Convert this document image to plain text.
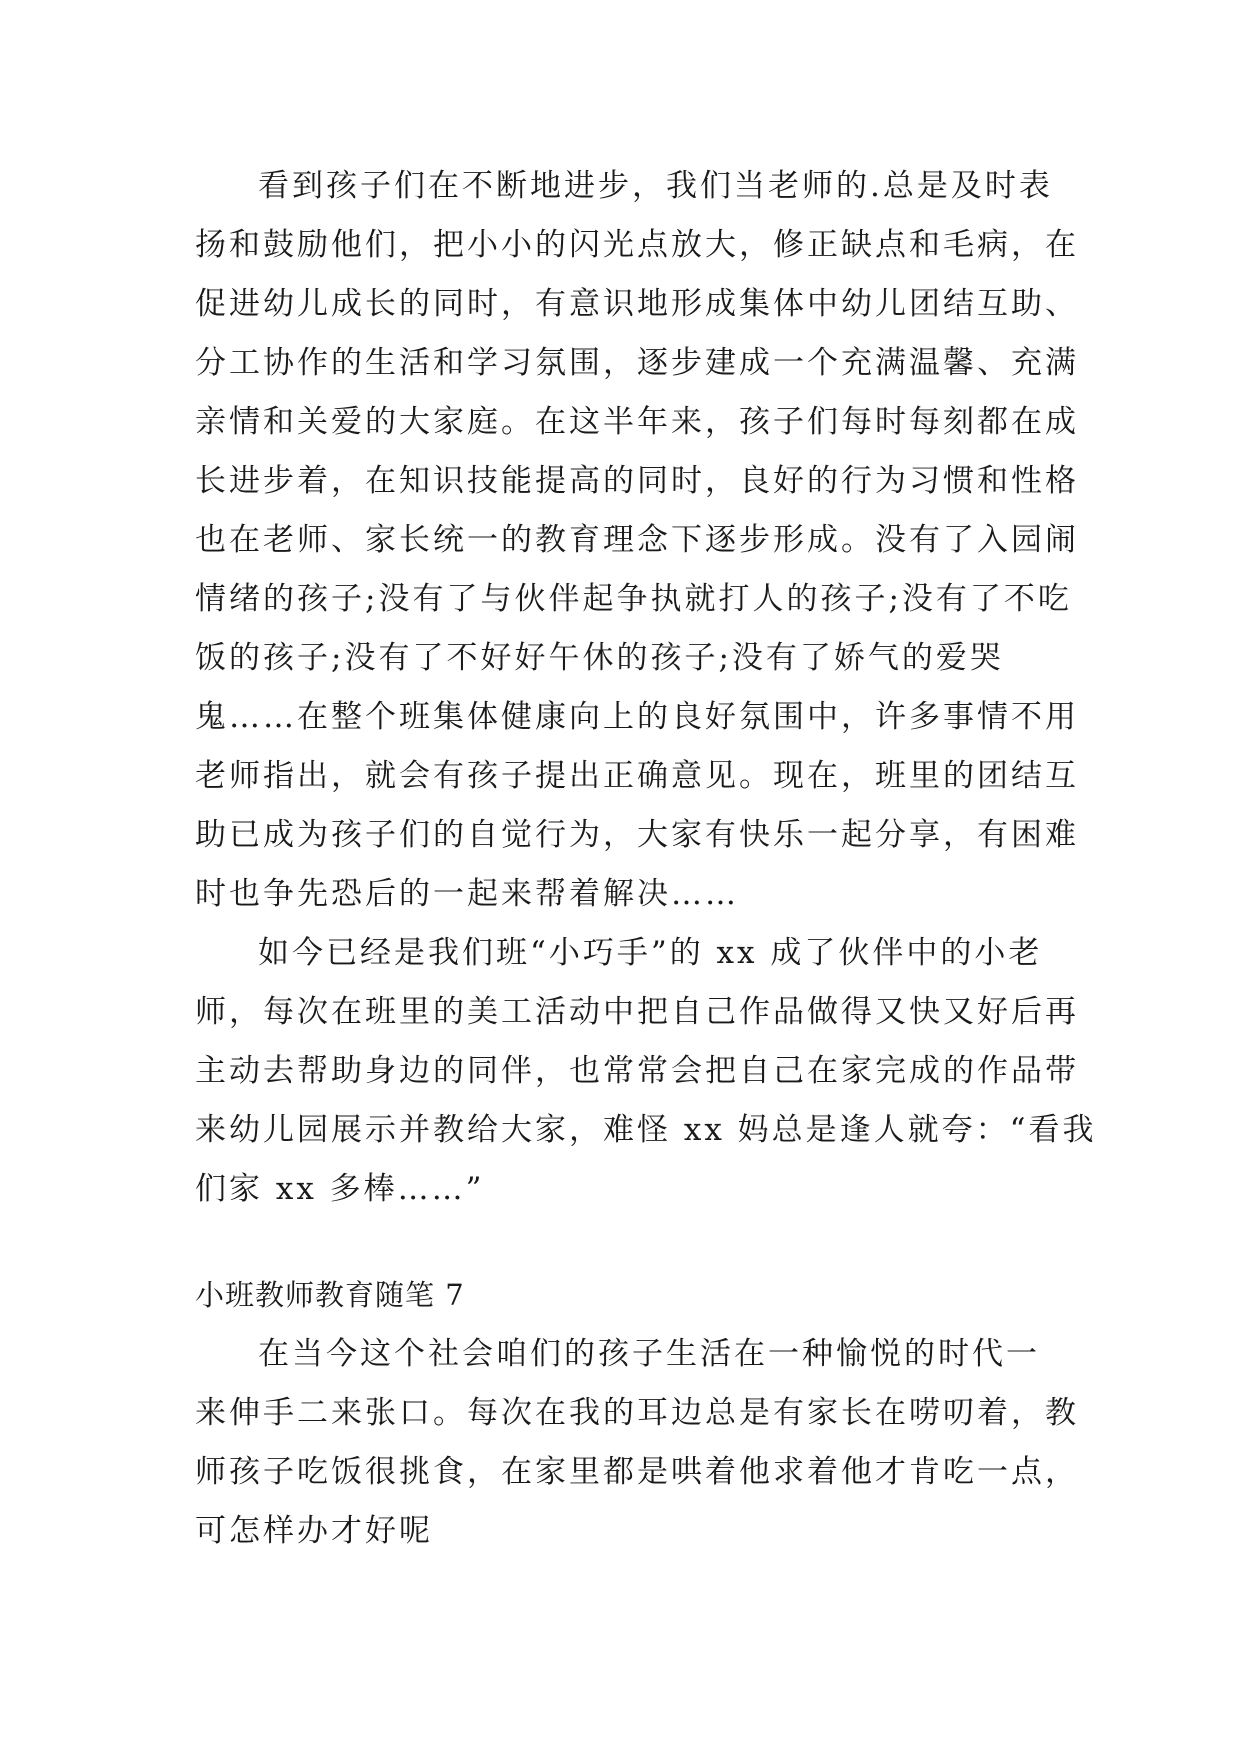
看到孩子们在不断地进步，我们当老师的.总是及时表
扬和鼓励他们，把小小的闪光点放大，修正缺点和毛病，在
促进幼儿成长的同时，有意识地形成集体中幼儿团结互助、
分工协作的生活和学习氛围，逐步建成一个充满温馨、充满
亲情和关爱的大家庭。在这半年来，孩子们每时每刻都在成
长进步着，在知识技能提高的同时，良好的行为习惯和性格
也在老师、家长统一的教育理念下逐步形成。没有了入园闹
情绪的孩子;没有了与伙伴起争执就打人的孩子;没有了不吃
饭的孩子;没有了不好好午休的孩子;没有了娇气的爱哭
鬼……在整个班集体健康向上的良好氛围中，许多事情不用
老师指出，就会有孩子提出正确意见。现在，班里的团结互
助已成为孩子们的自觉行为，大家有快乐一起分享，有困难
时也争先恐后的一起来帮着解决……
如今已经是我们班“小巧手”的 xx 成了伙伴中的小老
师，每次在班里的美工活动中把自己作品做得又快又好后再
主动去帮助身边的同伴，也常常会把自己在家完成的作品带
来幼儿园展示并教给大家，难怪 xx 妈总是逢人就夸：“看我
们家 xx 多棒……”
小班教师教育随笔 7
在当今这个社会咱们的孩子生活在一种愉悦的时代一
来伸手二来张口。每次在我的耳边总是有家长在唠叨着，教
师孩子吃饭很挑食，在家里都是哄着他求着他才肯吃一点，
可怎样办才好呢
